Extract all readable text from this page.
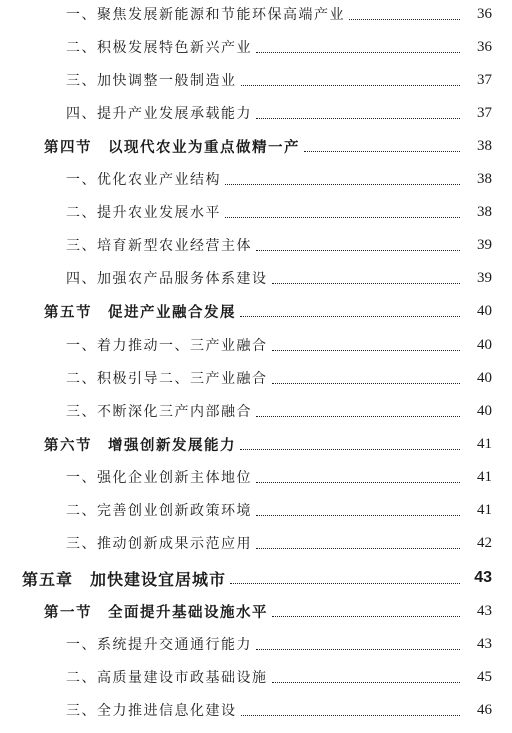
一、聚焦发展新能源和节能环保高端产业	36
二、积极发展特色新兴产业	36
三、加快调整一般制造业	37
四、提升产业发展承载能力	37
第四节　以现代农业为重点做精一产	38
一、优化农业产业结构	38
二、提升农业发展水平	38
三、培育新型农业经营主体	39
四、加强农产品服务体系建设	39
第五节　促进产业融合发展	40
一、着力推动一、三产业融合	40
二、积极引导二、三产业融合	40
三、不断深化三产内部融合	40
第六节　增强创新发展能力	41
一、强化企业创新主体地位	41
二、完善创业创新政策环境	41
三、推动创新成果示范应用	42
第五章　加快建设宜居城市	43
第一节　全面提升基础设施水平	43
一、系统提升交通通行能力	43
二、高质量建设市政基础设施	45
三、全力推进信息化建设	46
